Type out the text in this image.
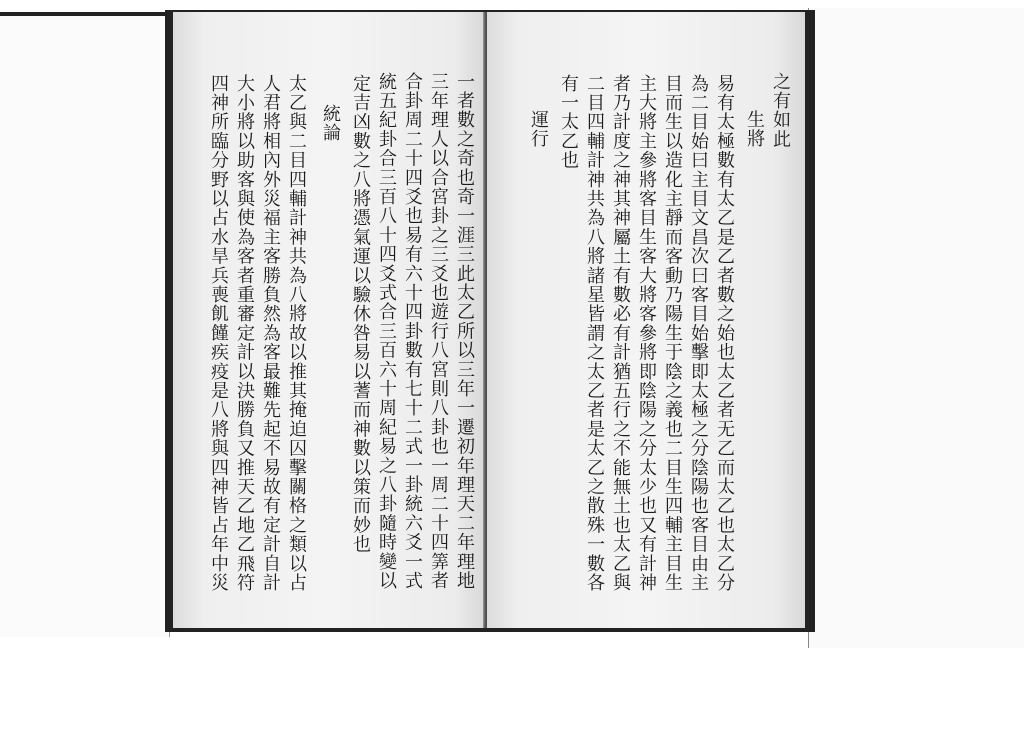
一者數之奇也奇一涯三此太乙所以三年一遷初年理天二年理地
三年理人以合宮卦之三爻也遊行八宮則八卦也一周二十四筭者
合卦周二十四爻也易有六十四卦數有七十二式一卦統六爻一式
統五紀卦合三百八十四爻式合三百六十周紀易之八卦隨時變以
定吉凶數之八將憑氣運以驗休咎易以蓍而神數以策而妙也
統論
太乙與二目四輔計神共為八將故以推其掩迫囚擊關格之類以占
人君將相內外災福主客勝負然為客最難先起不易故有定計自計
大小將以助客與使為客者重審定計以決勝負又推天乙地乙飛符
四神所臨分野以占水旱兵喪飢饉疾疫是八將與四神皆占年中災	之有如此
生將
易有太極數有太乙是乙者數之始也太乙者无乙而太乙也太乙分
為二目始曰主目文昌次曰客目始擊即太極之分陰陽也客目由主
目而生以造化主靜而客動乃陽生于陰之義也二目生四輔主目生
主大將主參將客目生客大將客參將即陰陽之分太少也又有計神
者乃計度之神其神屬土有數必有計猶五行之不能無土也太乙與
二目四輔計神共為八將諸星皆謂之太乙者是太乙之散殊一數各
有一太乙也
運行
